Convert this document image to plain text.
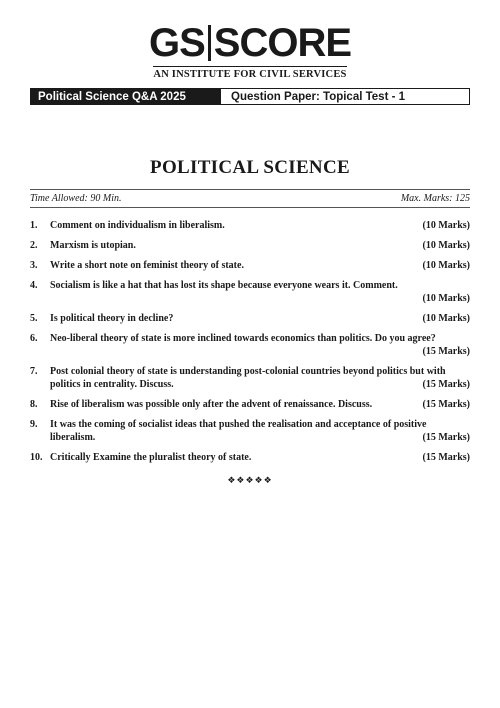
GS SCORE

AN INSTITUTE FOR CIVIL SERVICES
Political Science Q&A 2025	Question Paper: Topical Test - 1
POLITICAL SCIENCE
Time Allowed: 90 Min.	Max. Marks: 125
1.	Comment on individualism in liberalism.	(10 Marks)
2.	Marxism is utopian.	(10 Marks)
3.	Write a short note on feminist theory of state.	(10 Marks)
4.	Socialism is like a hat that has lost its shape because everyone wears it. Comment.
(10 Marks)
5.	Is political theory in decline?	(10 Marks)
6.	Neo-liberal theory of state is more inclined towards economics than politics. Do you agree?
(15 Marks)
7.	Post colonial theory of state is understanding post-colonial countries beyond politics but with
politics in centrality. Discuss.	(15 Marks)
8.	Rise of liberalism was possible only after the advent of renaissance. Discuss.	(15 Marks)
9.	It was the coming of socialist ideas that pushed the realisation and acceptance of positive
liberalism.	(15 Marks)
10. Critically Examine the pluralist theory of state.	(15 Marks)
❖❖❖❖❖
